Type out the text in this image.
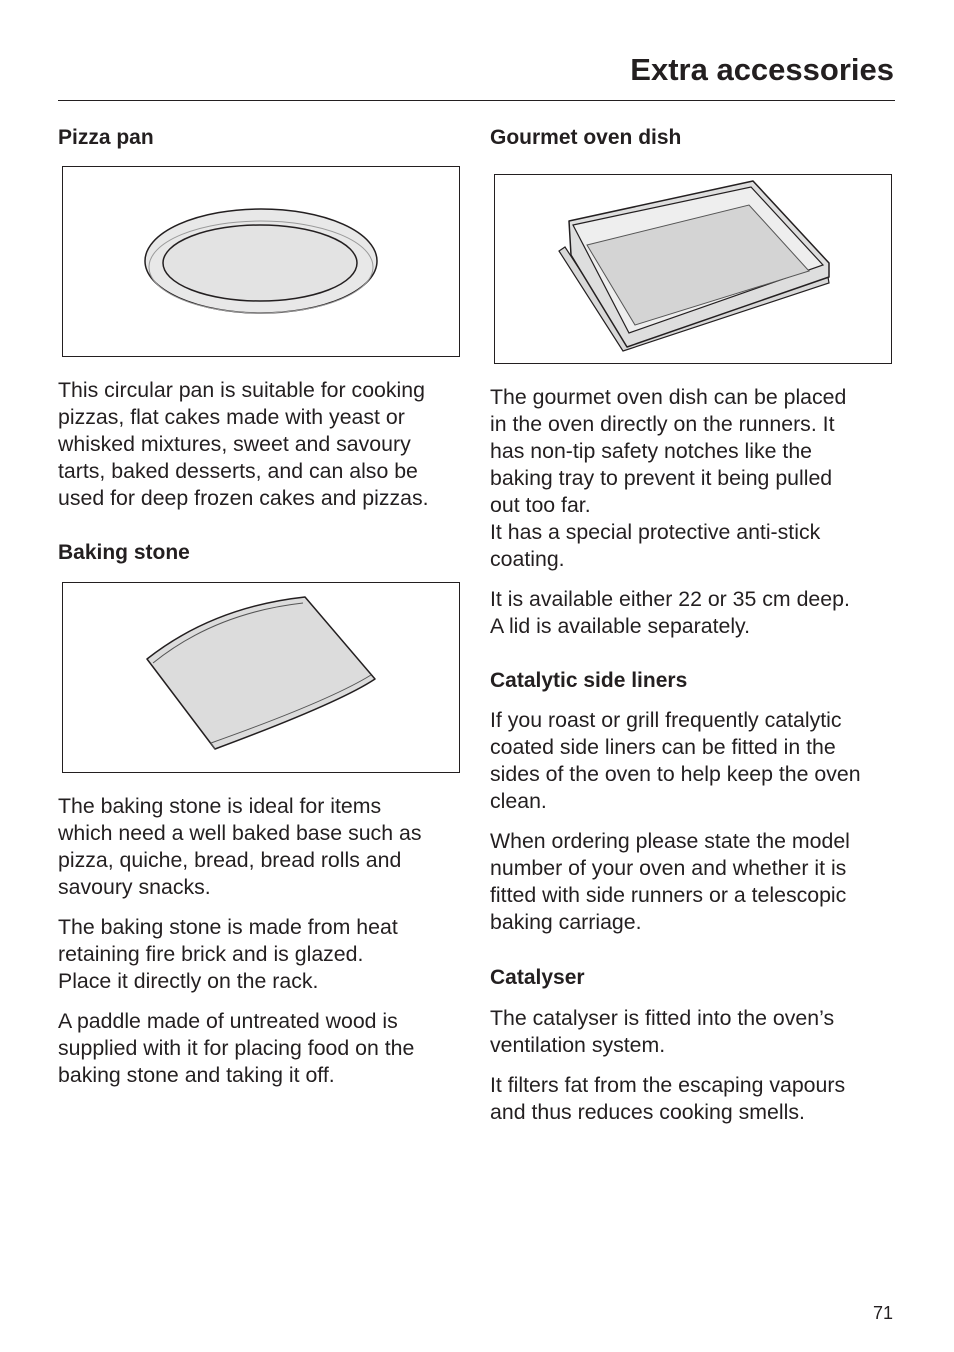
Extra accessories
Pizza pan

This circular pan is suitable for cooking
pizzas, flat cakes made with yeast or
whisked mixtures, sweet and savoury
tarts, baked desserts, and can also be
used for deep frozen cakes and pizzas.

Baking stone

The baking stone is ideal for items
which need a well baked base such as
pizza, quiche, bread, bread rolls and
savoury snacks.

The baking stone is made from heat
retaining fire brick and is glazed.
Place it directly on the rack.

A paddle made of untreated wood is
supplied with it for placing food on the
baking stone and taking it off.

Gourmet oven dish

The gourmet oven dish can be placed
in the oven directly on the runners. It
has non-tip safety notches like the
baking tray to prevent it being pulled
out too far.
It has a special protective anti-stick
coating.

It is available either 22 or 35 cm deep.
A lid is available separately.

Catalytic side liners

If you roast or grill frequently catalytic
coated side liners can be fitted in the
sides of the oven to help keep the oven
clean.

When ordering please state the model
number of your oven and whether it is
fitted with side runners or a telescopic
baking carriage.

Catalyser

The catalyser is fitted into the oven’s
ventilation system.

It filters fat from the escaping vapours
and thus reduces cooking smells.

71
